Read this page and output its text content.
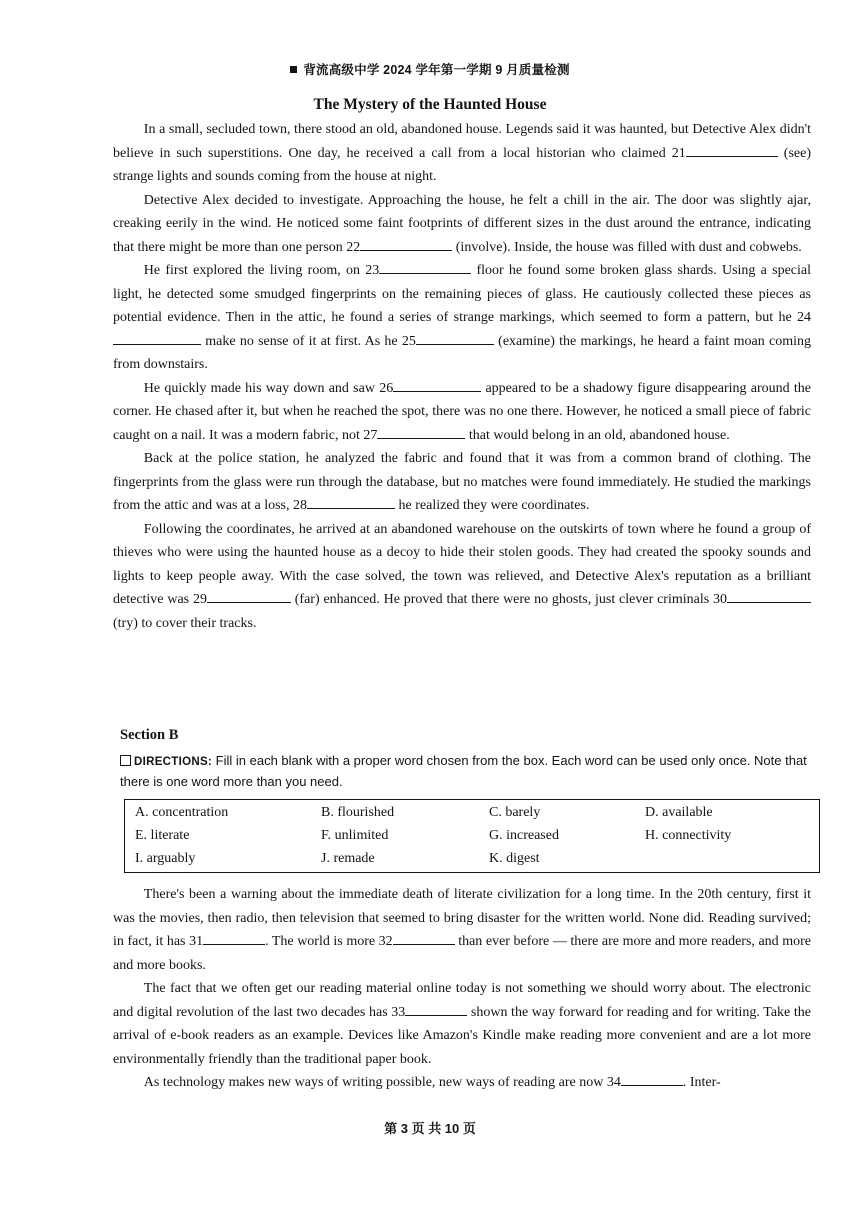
背流高级中学 2024 学年第一学期 9 月质量检测
The Mystery of the Haunted House

In a small, secluded town, there stood an old, abandoned house. Legends said it was haunted, but Detective Alex didn't believe in such superstitions. One day, he received a call from a local historian who claimed 21	(see) strange lights and sounds coming from the house at night.

Detective Alex decided to investigate. Approaching the house, he felt a chill in the air. The door was slightly ajar, creaking eerily in the wind. He noticed some faint footprints of different sizes in the dust around the entrance, indicating that there might be more than one person 22	(involve). Inside, the house was filled with dust and cobwebs.

He first explored the living room, on 23	floor he found some broken glass shards. Using a special light, he detected some smudged fingerprints on the remaining pieces of glass. He cautiously collected these pieces as potential evidence. Then in the attic, he found a series of strange markings, which seemed to form a pattern, but he 24 make no sense of it at first. As he 25	(examine) the markings, he heard a faint moan coming from downstairs.

He quickly made his way down and saw 26	appeared to be a shadowy figure disappearing around the corner. He chased after it, but when he reached the spot, there was no one there. However, he noticed a small piece of fabric caught on a nail. It was a modern fabric, not 27	that would belong in an old, abandoned house.

Back at the police station, he analyzed the fabric and found that it was from a common brand of clothing. The fingerprints from the glass were run through the database, but no matches were found immediately. He studied the markings from the attic and was at a loss, 28	he realized they were coordinates.

Following the coordinates, he arrived at an abandoned warehouse on the outskirts of town where he found a group of thieves who were using the haunted house as a decoy to hide their stolen goods. They had created the spooky sounds and lights to keep people away. With the case solved, the town was relieved, and Detective Alex's reputation as a brilliant detective was 29	(far) enhanced. He proved that there were no ghosts, just clever criminals 30 (try) to cover their tracks.

Section B
DIRECTIONS: Fill in each blank with a proper word chosen from the box. Each word can be used only once. Note that there is one word more than you need.
A. concentration	B. flourished	C. barely	D. available
E. literate	F. unlimited	G. increased	H. connectivity
I. arguably	J. remade	K. digest

There's been a warning about the immediate death of literate civilization for a long time. In the 20th century, first it was the movies, then radio, then television that seemed to bring disaster for the written world. None did. Reading survived; in fact, it has 31	. The world is more 32	than ever before — there are more and more readers, and more and more books.

The fact that we often get our reading material online today is not something we should worry about. The electronic and digital revolution of the last two decades has 33	shown the way forward for reading and for writing. Take the arrival of e-book readers as an example. Devices like Amazon's Kindle make reading more convenient and are a lot more environmentally friendly than the traditional paper book.

As technology makes new ways of writing possible, new ways of reading are now 34	. Inter-

第 3 页 共 10 页
